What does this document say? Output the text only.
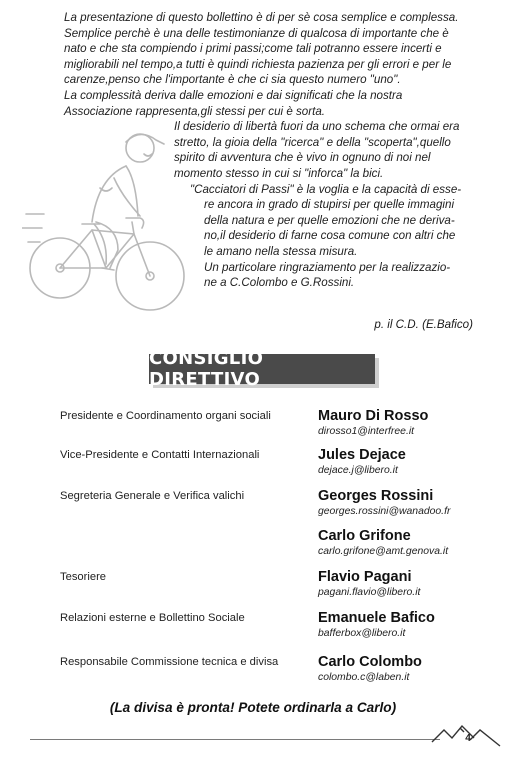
La presentazione di questo bollettino è di per sè cosa semplice e complessa.
Semplice perchè è una delle testimonianze di qualcosa di importante che è
nato e che sta compiendo i primi passi;come tali potranno essere incerti e
migliorabili nel tempo,a tutti è quindi richiesta pazienza per gli errori e per le
carenze,penso che l'importante è che ci sia questo numero "uno".
La complessità deriva dalle emozioni e dai significati che la nostra
Associazione rappresenta,gli stessi per cui è sorta.
Il desiderio di libertà fuori da uno schema che ormai era
stretto, la gioia della "ricerca" e della "scoperta",quello
spirito di avventura che è vivo in ognuno di noi nel
momento stesso in cui si "inforca" la bici.
"Cacciatori di Passi" è la voglia e la capacità di esse-
re ancora in grado di stupirsi per quelle immagini
della natura e per quelle emozioni che ne deriva-
no,il desiderio di farne cosa comune con altri che
le amano nella stessa misura.
Un particolare ringraziamento per la realizzazio-
ne a C.Colombo e G.Rossini.

p. il C.D. (E.Bafico)
CONSIGLIO DIRETTIVO
Presidente e Coordinamento organi sociali	Mauro Di Rosso
dirosso1@interfree.it
Vice-Presidente e Contatti Internazionali	Jules Dejace
dejace.j@libero.it
Segreteria Generale e Verifica valichi	Georges Rossini
georges.rossini@wanadoo.fr
Carlo Grifone
carlo.grifone@amt.genova.it
Tesoriere	Flavio Pagani
pagani.flavio@libero.it
Relazioni esterne e Bollettino Sociale	Emanuele Bafico
bafferbox@libero.it
Responsabile Commissione tecnica e divisa	Carlo Colombo
colombo.c@laben.it
(La divisa è pronta! Potete ordinarla a Carlo)
4
